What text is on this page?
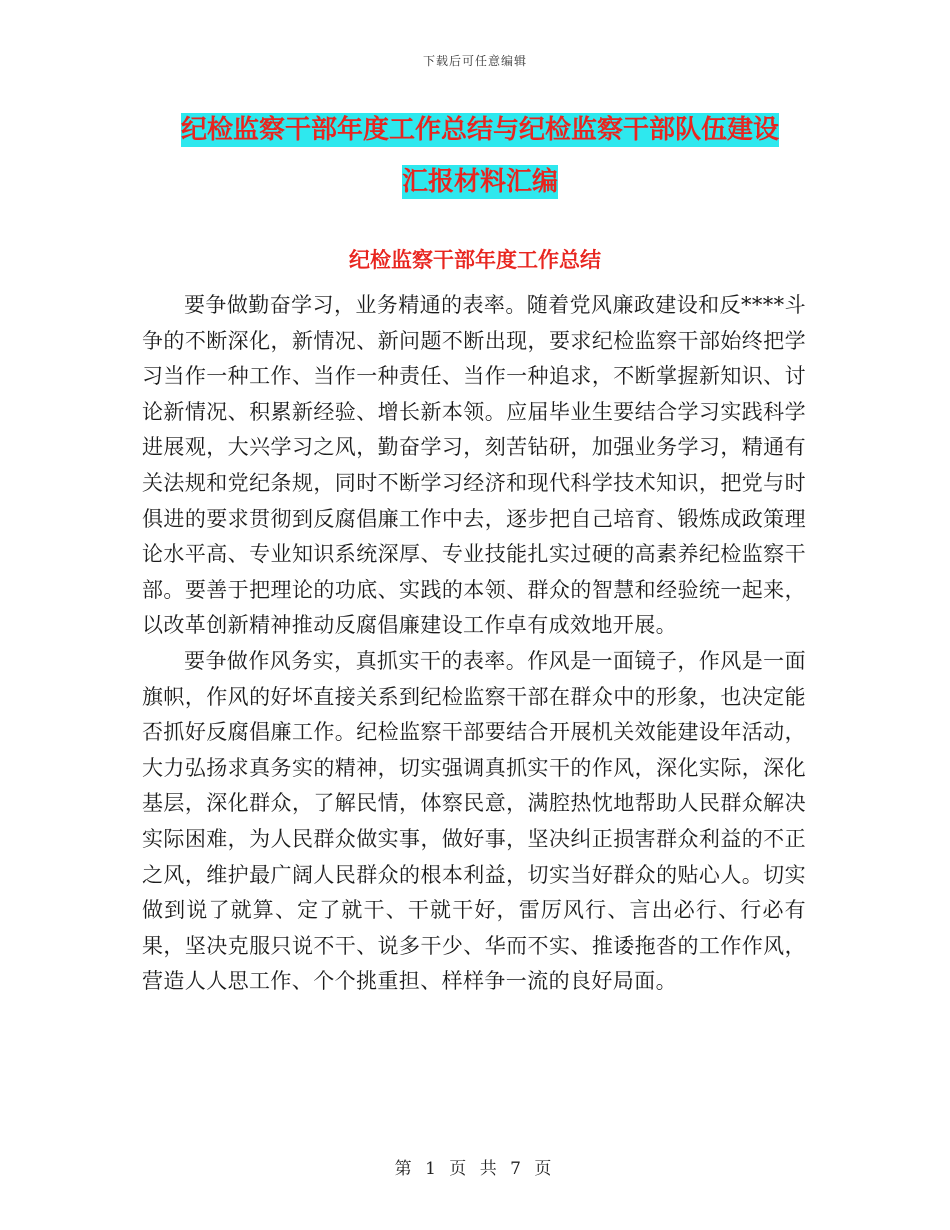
下载后可任意编辑
纪检监察干部年度工作总结与纪检监察干部队伍建设
汇报材料汇编
纪检监察干部年度工作总结

要争做勤奋学习，业务精通的表率。随着党风廉政建设和反****斗争的不断深化，新情况、新问题不断出现，要求纪检监察干部始终把学习当作一种工作、当作一种责任、当作一种追求，不断掌握新知识、讨论新情况、积累新经验、增长新本领。应届毕业生要结合学习实践科学进展观，大兴学习之风，勤奋学习，刻苦钻研，加强业务学习，精通有关法规和党纪条规，同时不断学习经济和现代科学技术知识，把党与时俱进的要求贯彻到反腐倡廉工作中去，逐步把自己培育、锻炼成政策理论水平高、专业知识系统深厚、专业技能扎实过硬的高素养纪检监察干部。要善于把理论的功底、实践的本领、群众的智慧和经验统一起来，以改革创新精神推动反腐倡廉建设工作卓有成效地开展。

要争做作风务实，真抓实干的表率。作风是一面镜子，作风是一面旗帜，作风的好坏直接关系到纪检监察干部在群众中的形象，也决定能否抓好反腐倡廉工作。纪检监察干部要结合开展机关效能建设年活动，大力弘扬求真务实的精神，切实强调真抓实干的作风，深化实际，深化基层，深化群众，了解民情，体察民意，满腔热忱地帮助人民群众解决实际困难，为人民群众做实事，做好事，坚决纠正损害群众利益的不正之风，维护最广阔人民群众的根本利益，切实当好群众的贴心人。切实做到说了就算、定了就干、干就干好，雷厉风行、言出必行、行必有果，坚决克服只说不干、说多干少、华而不实、推诿拖沓的工作作风，营造人人思工作、个个挑重担、样样争一流的良好局面。

第 1 页 共 7 页
